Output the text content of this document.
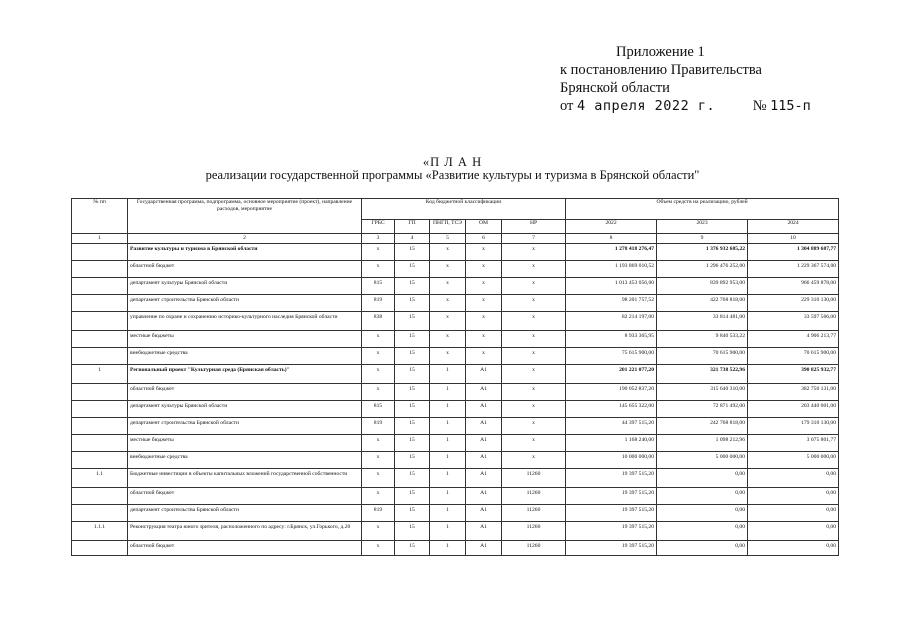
Приложение 1
к постановлению Правительства
Брянской области
от 4 апреля 2022 г.	№ 115-п
«П Л А Н
реализации государственной программы «Развитие культуры и туризма в Брянской области"
№ пп	Государственная программа, подпрограмма, основное мероприятие (проект), направление расходов, мероприятие	Код бюджетной классификации					Объем средств на реализацию, рублей		
		ГРБС	ГП	ПНГП, ТСЭ	ОМ	НР	2022	2023	2024
1	2	3	4	5	6	7	8	9	10
	Развитие культуры и туризма в Брянской области	х	15	х	х	х	1 278 418 276,47	1 376 932 685,22	1 304 889 687,77
	областной бюджет	х	15	х	х	х	1 193 869 010,52	1 296 476 252,00	1 229 367 574,00
	департамент культуры Брянской области	815	15	х	х	х	1 013 453 056,00	839 892 953,00	966 459 878,00
	департамент строительства Брянской области	819	15	х	х	х	98 201 757,52	422 768 818,00	229 310 130,00
	управление по охране и сохранению историко-культурного наследия Брянской области	838	15	х	х	х	82 214 197,00	33 814 481,00	33 597 566,00
	местные бюджеты	х	15	х	х	х	8 933 365,95	9 840 533,22	4 906 213,77
	внебюджетные средства	х	15	х	х	х	75 615 900,00	70 615 900,00	70 615 900,00
1	Региональный проект "Культурная среда (Брянская область)"	х	15	1	А1	х	201 221 077,20	321 738 522,96	390 825 932,77
	областной бюджет	х	15	1	А1	х	190 052 837,20	315 640 310,00	382 750 131,00
	департамент культуры Брянской области	815	15	1	А1	х	145 655 322,00	72 871 492,00	203 440 001,00
	департамент строительства Брянской области	819	15	1	А1	х	44 397 515,20	242 768 818,00	179 310 130,00
	местные бюджеты	х	15	1	А1	х	1 168 240,00	1 098 212,96	3 075 801,77
	внебюджетные средства	х	15	1	А1	х	10 000 000,00	5 000 000,00	5 000 000,00
1.1	Бюджетные инвестиции в объекты капитальных вложений государственной собственности	х	15	1	А1	11260	19 397 515,20	0,00	0,00
	областной бюджет	х	15	1	А1	11260	19 397 515,20	0,00	0,00
	департамент строительства Брянской области	819	15	1	А1	11260	19 397 515,20	0,00	0,00
1.1.1	Реконструкция театра юного зрителя, расположенного по адресу: г.Брянск, ул.Горького, д.20	х	15	1	А1	11260	19 397 515,20	0,00	0,00
	областной бюджет	х	15	1	А1	11260	19 397 515,20	0,00	0,00
